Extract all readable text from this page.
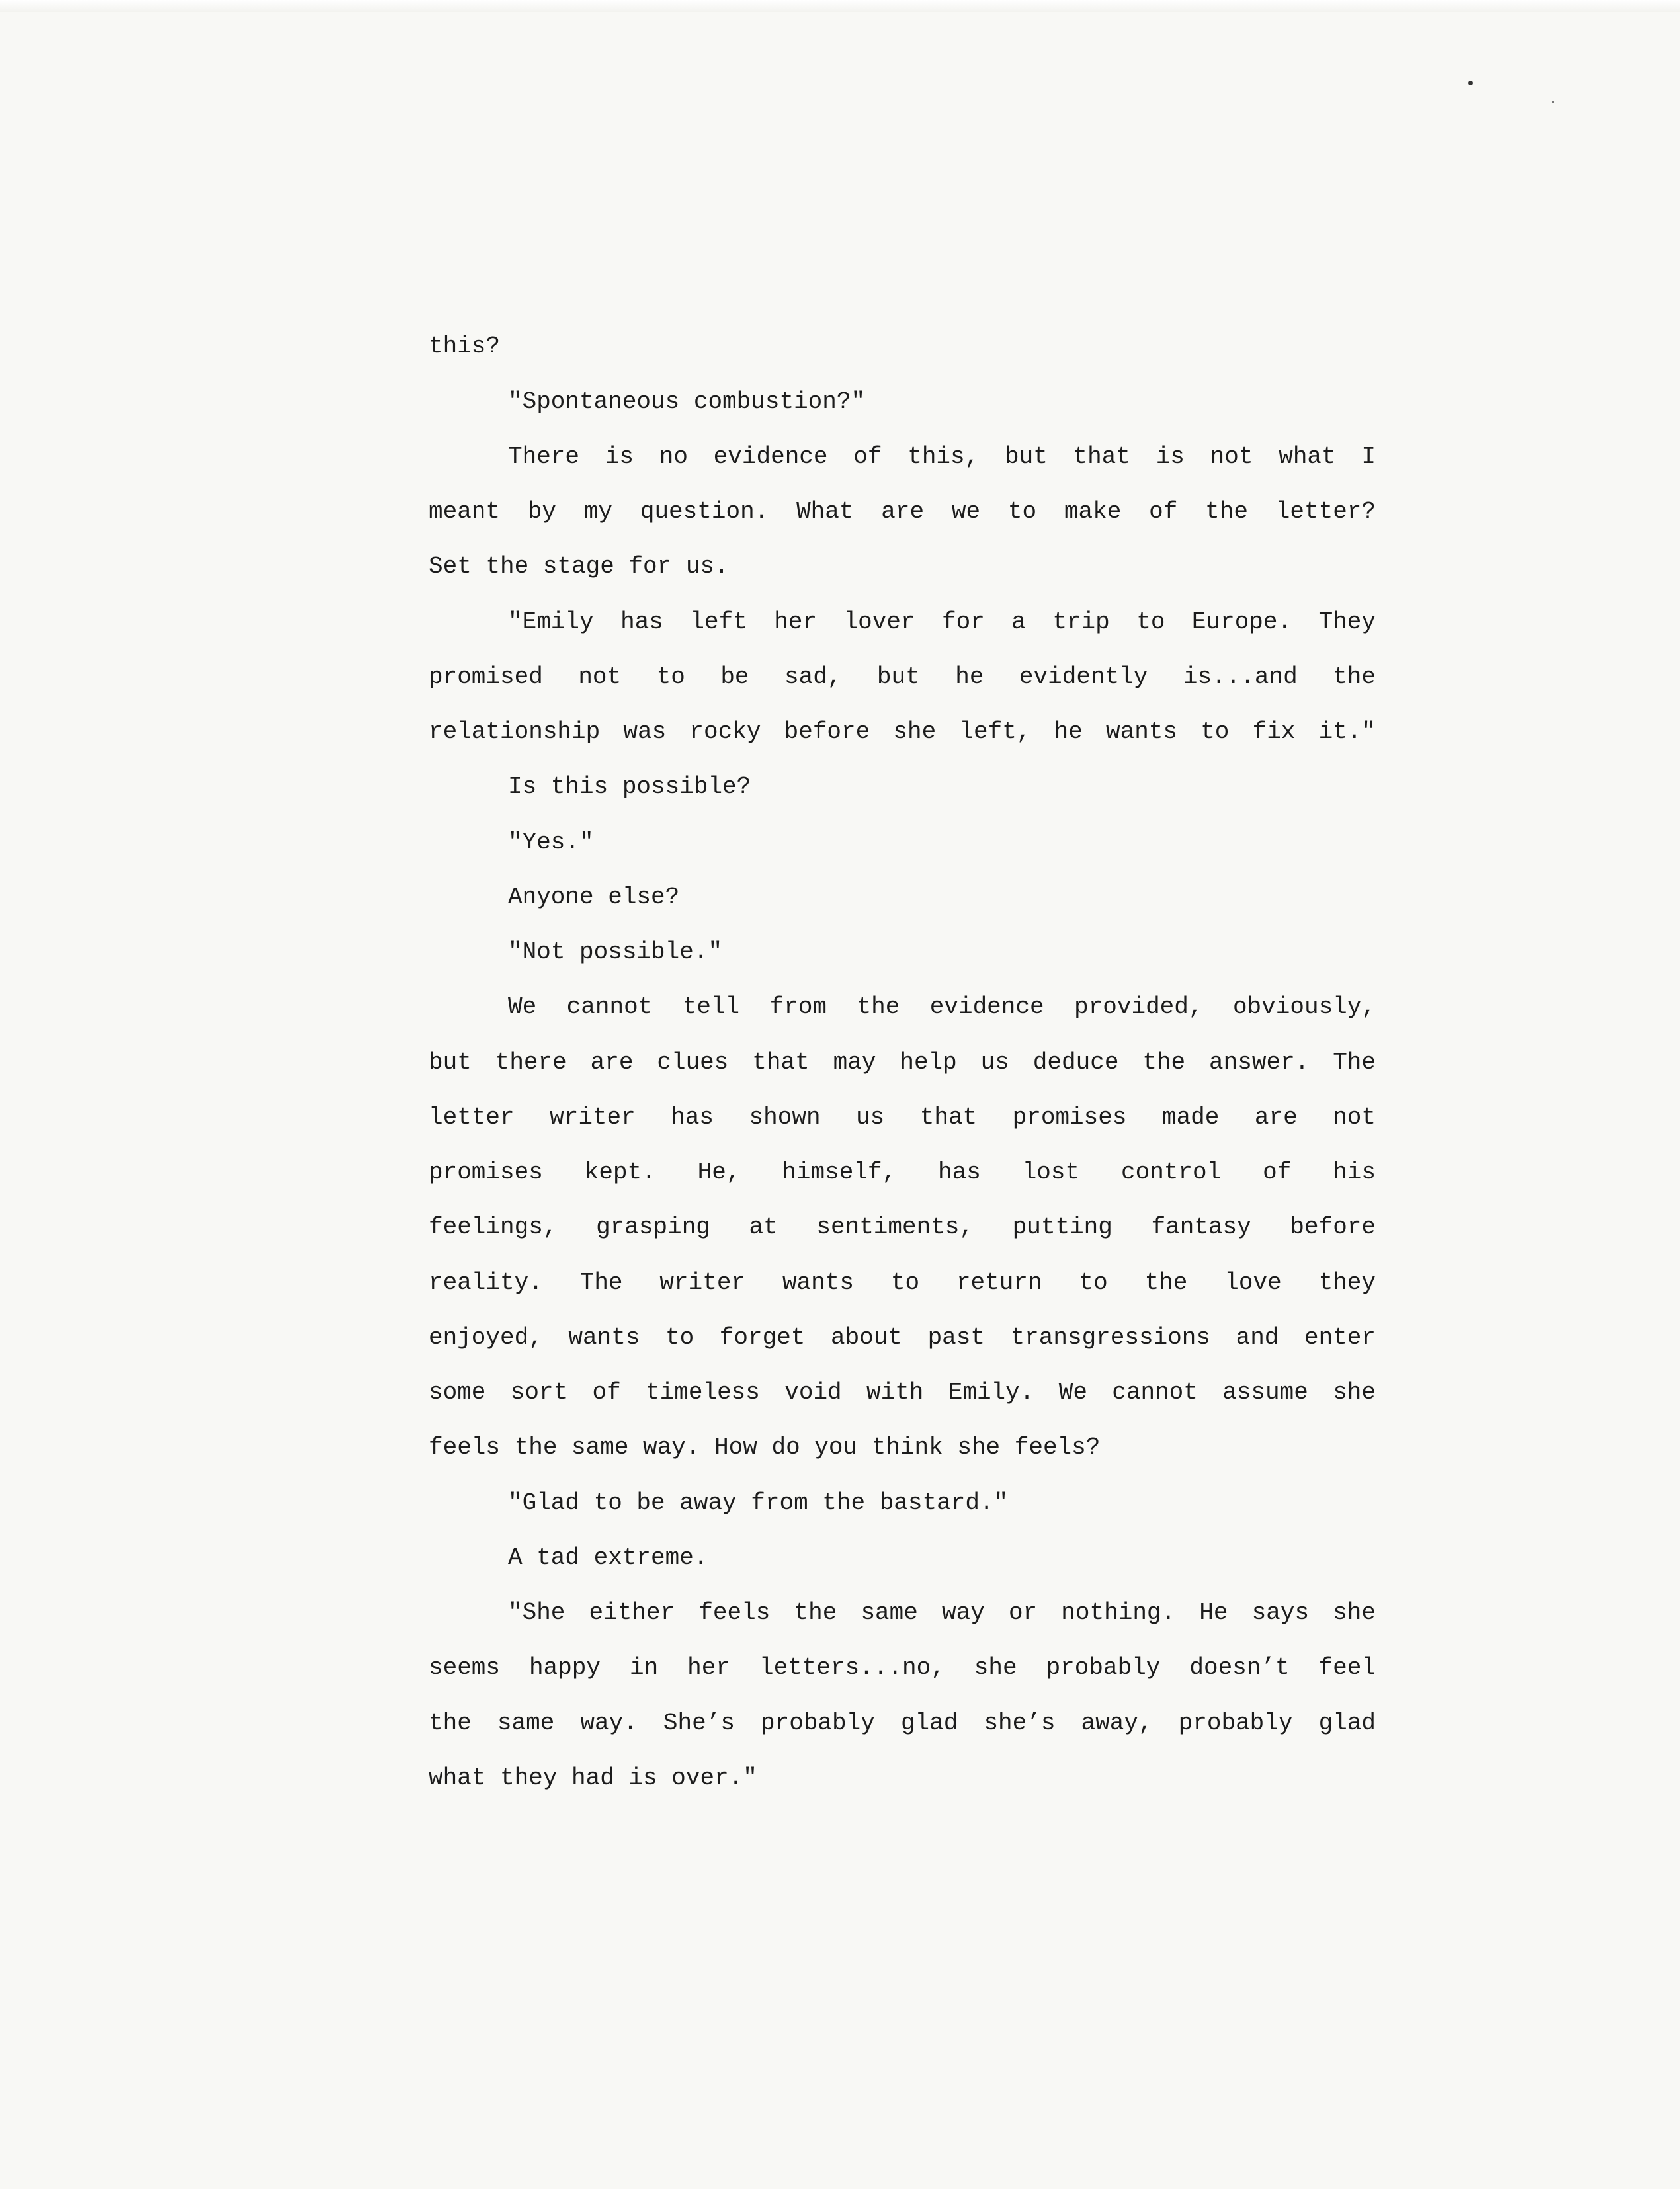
this?
"Spontaneous combustion?"
There is no evidence of this, but that is not what I
meant by my question. What are we to make of the letter?
Set the stage for us.
"Emily has left her lover for a trip to Europe. They
promised not to be sad, but he evidently is...and the
relationship was rocky before she left, he wants to fix it."
Is this possible?
"Yes."
Anyone else?
"Not possible."
We cannot tell from the evidence provided, obviously,
but there are clues that may help us deduce the answer. The
letter writer has shown us that promises made are not
promises kept. He, himself, has lost control of his
feelings, grasping at sentiments, putting fantasy before
reality. The writer wants to return to the love they
enjoyed, wants to forget about past transgressions and enter
some sort of timeless void with Emily. We cannot assume she
feels the same way. How do you think she feels?
"Glad to be away from the bastard."
A tad extreme.
"She either feels the same way or nothing. He says she
seems happy in her letters...no, she probably doesn’t feel
the same way. She’s probably glad she’s away, probably glad
what they had is over."
